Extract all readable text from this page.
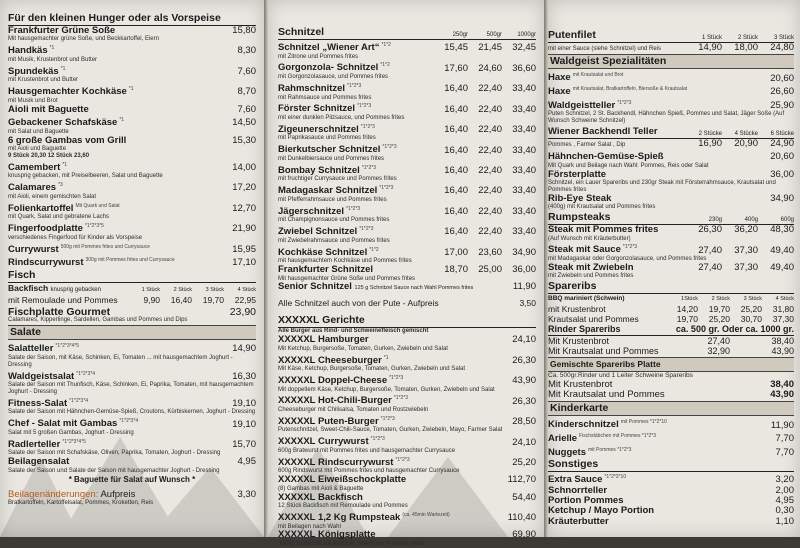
Für den kleinen Hunger oder als Vorspeise
Frankfurter Grüne Soße	15,80
Mit hausgemachter grüne Soße, und Beckkartoffel, Eiern
Handkäs $^{*1}$	8,30
mit Musik, Krustenbrot und Butter
Spundekäs $^{*1}$	7,60
mit Krustenbrot und Butter
Hausgemachter Kochkäse $^{*1}$	8,70
mit Musik und Brot
Aioli mit Baguette	7,60
Gebackener Schafskäse $^{*1}$	14,50
mit Salat und Baguette
6 große Gambas vom Grill	15,30
mit Aioli und Baguette
9 Stück 20,30 12 Stück 23,60
Camembert $^{*1}$	14,00
knusprig gebacken, mit Preiselbeeren, Salat und Baguette
Calamares $^{*3}$	17,20
mit Aioli, einem gemischten Salat
Folienkartoffel $^{Mit Quark und Salat}$	12,70
mit Quark, Salat und gebratene Lachs
Fingerfoodplatte $^{*1*2*3*5}$	21,90
verschiedenes Fingerfood für Kinder als Vorspeise
Currywurst $^{500g mit Pommes frites und Currysauce}$	15,95
Rindscurrywurst $^{300g mit Pommes frites und Currysauce}$	17,10
Fisch
Backfisch knusprig gebacken	1 Stück	2 Stück	3 Stück	4 Stück
mit Remoulade und Pommes	9,90	16,40	19,70	22,95
Fischplatte Gourmet	23,90
Calamares, Kipperlinge, Sardellen, Gambas und Pommes und Dips
Salate
Salatteller $^{*1*2*3*4*5}$	14,90
Salate der Saison, mit Käse, Schinken, Ei, Tomaten ... mit hausgemachtem Joghurt - Dressing
Waldgeistsalat $^{*1*2*3*4}$	16,30
Salate der Saison mit Thunfisch, Käse, Schinken, Ei, Paprika, Tomaten, mit hausgemachtem Joghurt - Dressing
Fitness-Salat $^{*1*2*3*4}$	19,10
Salate der Saison mit Hähnchen-Gemüse-Spieß, Croutons, Kürbiskernen, Joghurt - Dressing
Chef - Salat mit Gambas $^{*1*2*3*4}$	19,10
Salat mit 5 großen Gambas, Joghurt - Dressing
Radlerteller $^{*1*2*3*4*5}$	15,70
Salate der Saison mit Schafskäse, Oliven, Paprika, Tomaten, Joghurt - Dressing
Beilagensalat	4,95
Salate der Saison und Salate der Saison mit hausgemachter Joghurt - Dressing
* Baguette für Salat auf Wunsch *
Beilagenänderungen: Aufpreis	3,30
Bratkartoffeln, Kartoffelsalat, Pommes, Kroketten, Reis
Schnitzel	250gr	500gr	1000gr
Schnitzel „Wiener Art“ $^{*1*2}$	15,45	21,45	32,45
mit Zitrone und Pommes frites
Gorgonzola- Schnitzel $^{*1*2}$	17,60	24,60	36,60
mit Gorgonzolasauce, und Pommes frites
Rahmschnitzel $^{*1*2*3}$	16,40	22,40	33,40
mit Rahmsauce und Pommes frites
Förster Schnitzel $^{*1*2*3}$	16,40	22,40	33,40
mit einer dunklen Pilzsauce, und Pommes frites
Zigeunerschnitzel $^{*1*2*3}$	16,40	22,40	33,40
mit Paprikasauce und Pommes frites
Bierkutscher Schnitzel $^{*1*2*3}$	16,40	22,40	33,40
mit Dunkelbiersauce und Pommes frites
Bombay Schnitzel $^{*1*2*3}$	16,40	22,40	33,40
mit fruchtiger Currysauce und Pommes frites
Madagaskar Schnitzel $^{*1*2*3}$	16,40	22,40	33,40
mit Pfefferrahmsauce und Pommes frites
Jägerschnitzel $^{*1*2*3}$	16,40	22,40	33,40
mit Champignonsauce und Pommes frites
Zwiebel Schnitzel $^{*1*2*3}$	16,40	22,40	33,40
mit Zwiebelrahmsauce und Pommes frites
Kochkäse Schnitzel $^{*1*2}$	17,00	23,60	34,90
mit hausgemachtem Kochkäse und Pommes frites
Frankfurter Schnitzel	18,70	25,00	36,00
Mit hausgemachter Grüne Soße und Pommes frites
Senior Schnitzel 125 g Schnitzel Sauce nach Wahl Pommes frites	11,90
Alle Schnitzel auch von der Pute - Aufpreis	3,50
XXXXXL Gerichte
Alle Burger aus Rind- und Schweinefleisch gemischt
XXXXXL Hamburger	24,10
Mit Ketchup, Burgersoße, Tomaten, Gurken, Zwiebeln und Salat
XXXXXL Cheeseburger $^{*1}$	26,30
Mit Käse, Ketchup, Burgersoße, Tomaten, Gurken, Zwiebeln und Salat
XXXXXL Doppel-Cheese $^{*1*2*3}$	43,90
Mit doppeltem Käse, Ketchup, Burgersoße, Tomaten, Gurken, Zwiebeln und Salat
XXXXXL Hot-Chili-Burger $^{*1*2*3}$	26,30
Cheeseburger mit Chilisalsa, Tomaten und Rostzwiebeln
XXXXXL Puten-Burger $^{*1*2*3}$	28,50
Putenschnitzel, Sweet-Chili-Sauce, Tomaten, Gurken, Zwiebeln, Mayo, Farmer Salat
XXXXXL Currywurst $^{*1*2*3}$	24,10
600g Bratwurst mit Pommes frites und hausgemachter Currysauce
XXXXXL Rindscurrywurst $^{*1*2*3}$	25,20
600g Rindswurst mit Pommes frites und hausgemachter Currysauce
XXXXXL Eiweißschockplatte	112,70
(8) Gambas mit Aioli & Baguette
XXXXXL Backfisch	54,40
12 Stück Backfisch mit Remoulade und Pommes
XXXXXL 1,2 Kg Rumpsteak $^{(ca. 45min Wartezeit)}$	110,40
mit Beilagen nach Wahl
XXXXXL Königsplatte	69,90
3000g Schnitzel auf XXXXXL Tellern mit Pommes frites
Putenfilet	1 Stück	2 Stück	3 Stück
mit einer Sauce (siehe Schnitzel) und Reis	14,90	18,00	24,80
Waldgeist Spezialitäten
Haxe $^{mit Krautsalat und Brot}$	20,60
Haxe $^{mit Krautsalat, Bratkartoffeln, Biersoße \& Krautsalat}$	26,60
Waldgeistteller $^{*1*2*3}$	25,90
Puten Schnitzel, 2 St. Backhendl, Hähnchen Spieß, Pommes und Salat, Jäger Soße (Auf Wunsch Schweine Schnitzel)
Wiener Backhendl Teller	2 Stücke	4 Stücke	6 Stücke
Pommes , Farmer Salat , Dip	16,90	20,90	24,90
Hähnchen-Gemüse-Spieß	20,60
Mit Quark und Beilage nach Wahl: Pommes, Reis oder Salat
Försterplatte	36,00
Schnitzel, ein Lauer Spareribs und 230gr Steak mit Försterrahmsauce, Krautsalat und Pommes frites
Rib-Eye Steak	34,90
(400g) mit Krautsalat und Pommes frites
Rumpsteaks	230g	400g	600g
Steak mit Pommes frites	26,30	36,20	48,30
(Auf Wunsch mit Kräuterbutter)
Steak mit Sauce $^{*1*2*3}$	27,40	37,30	49,40
mit Madagaskar oder Gorgonzolasauce, und Pommes frites
Steak mit Zwiebeln	27,40	37,30	49,40
mit Zwiebeln und Pommes frites
Spareribs
BBQ mariniert (Schwein)	1Stück	2 Stück	3 Stück	4 Stück
mit Krustenbrot	14,20	19,70	25,20	31,80
Krautsalat und Pommes	19,70	25,20	30,70	37,30
Rinder Spareribs	ca. 500 gr. Oder ca. 1000 gr.
Mit Krustenbrot	27,40	38,40
Mit Krautsalat und Pommes	32,90	43,90
Gemischte Spareribs Platte
Ca. 500gr.Rinder und 1 Leiter Schweine Spareribs
Mit Krustenbrot	38,40
Mit Krautsalat und Pommes	43,90
Kinderkarte
Kinderschnitzel $^{mit Pommes *1*2*10}$	11,90
Arielle $^{Fischstäbchen mit Pommes *1*2*3}$	7,70
Nuggets $^{mit Pommes *1*2*3}$	7,70
Sonstiges
Extra Sauce $^{*1*2*3*10}$	3,20
Schnorrteller	2,00
Portion Pommes	4,95
Ketchup / Mayo Portion	0,30
Kräuterbutter	1,10
